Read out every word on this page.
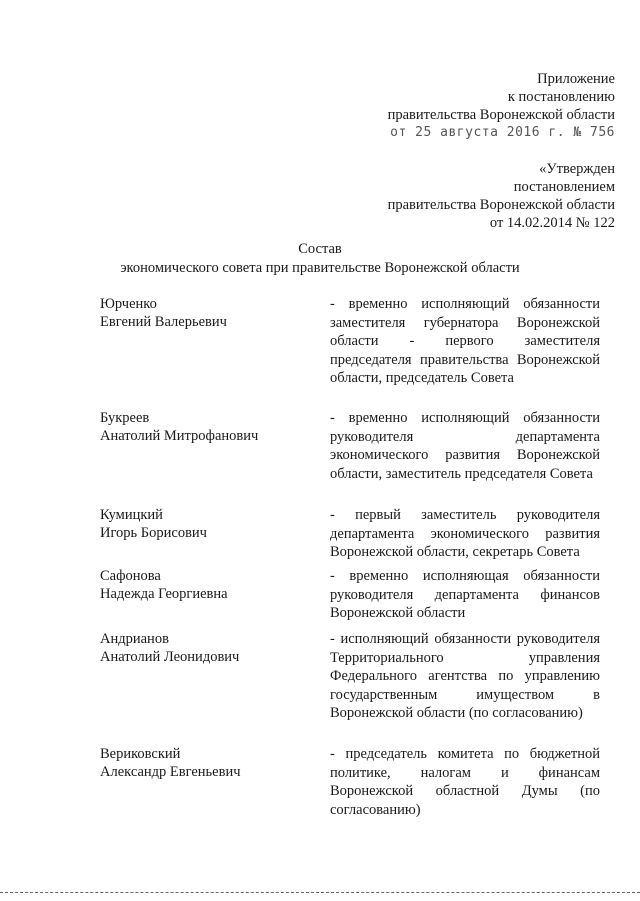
Приложение
к постановлению
правительства Воронежской области
от 25 августа 2016 г. № 756
«Утвержден
постановлением
правительства Воронежской области
от 14.02.2014 № 122
Состав
экономического совета при правительстве Воронежской области
Юрченко
Евгений Валерьевич
- временно исполняющий обязанности заместителя губернатора Воронежской области - первого заместителя председателя правительства Воронежской области, председатель Совета
Букреев
Анатолий Митрофанович
- временно исполняющий обязанности руководителя департамента экономического развития Воронежской области, заместитель председателя Совета
Кумицкий
Игорь Борисович
- первый заместитель руководителя департамента экономического развития Воронежской области, секретарь Совета
Сафонова
Надежда Георгиевна
- временно исполняющая обязанности руководителя департамента финансов Воронежской области
Андрианов
Анатолий Леонидович
- исполняющий обязанности руководителя Территориального управления Федерального агентства по управлению государственным имуществом в Воронежской области (по согласованию)
Вериковский
Александр Евгеньевич
- председатель комитета по бюджетной политике, налогам и финансам Воронежской областной Думы (по согласованию)
